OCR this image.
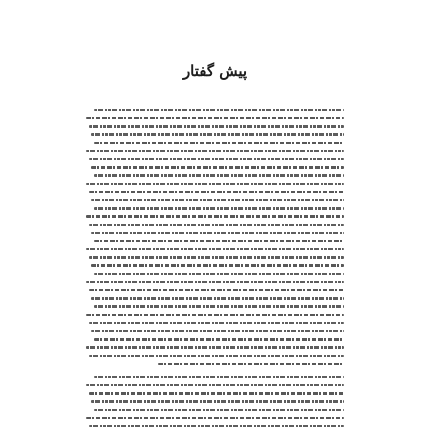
پیش گفتار
